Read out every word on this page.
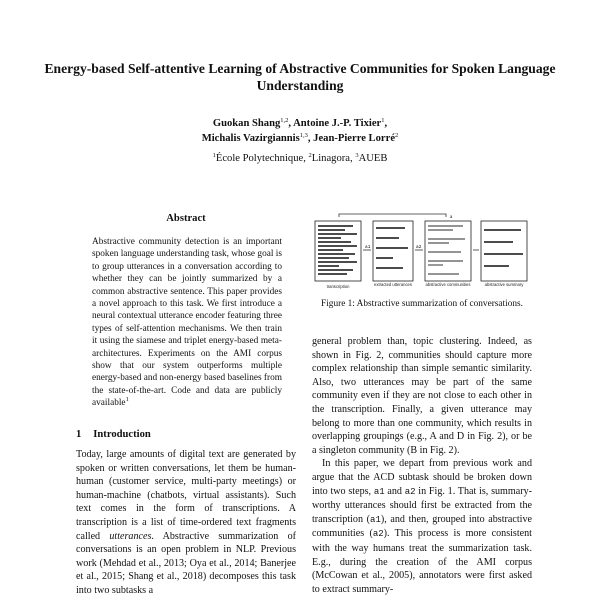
Energy-based Self-attentive Learning of Abstractive Communities for Spoken Language Understanding
Guokan Shang$^{1,2}$, Antoine J.-P. Tixier$^1$,
Michalis Vazirgiannis$^{1,3}$, Jean-Pierre Lorré$^2$
$^1$École Polytechnique, $^2$Linagora, $^3$AUEB
Abstract
Abstractive community detection is an important spoken language understanding task, whose goal is to group utterances in a conversation according to whether they can be jointly summarized by a common abstractive sentence. This paper provides a novel approach to this task. We first introduce a neural contextual utterance encoder featuring three types of self-attention mechanisms. We then train it using the siamese and triplet energy-based meta-architectures. Experiments on the AMI corpus show that our system outperforms multiple energy-based and non-energy based baselines from the state-of-the-art. Code and data are publicly available$^1$
a
a1	a2
transcription	extracted utterances	abstractive communities	abstractive summary
Figure 1: Abstractive summarization of conversations.
1 Introduction

Today, large amounts of digital text are generated by spoken or written conversations, let them be human-human (customer service, multi-party meetings) or human-machine (chatbots, virtual assistants). Such text comes in the form of transcriptions. A transcription is a list of time-ordered text fragments called utterances. Abstractive summarization of conversations is an open problem in NLP. Previous work (Mehdad et al., 2013; Oya et al., 2014; Banerjee et al., 2015; Shang et al., 2018) decomposes this task into two subtasks a

general problem than, topic clustering. Indeed, as shown in Fig. 2, communities should capture more complex relationship than simple semantic similarity. Also, two utterances may be part of the same community even if they are not close to each other in the transcription. Finally, a given utterance may belong to more than one community, which results in overlapping groupings (e.g., A and D in Fig. 2), or be a singleton community (B in Fig. 2).

In this paper, we depart from previous work and argue that the ACD subtask should be broken down into two steps, a1 and a2 in Fig. 1. That is, summary-worthy utterances should first be extracted from the transcription (a1), and then, grouped into abstractive communities (a2). This process is more consistent with the way humans treat the summarization task. E.g., during the creation of the AMI corpus (McCowan et al., 2005), annotators were first asked to extract summary-
